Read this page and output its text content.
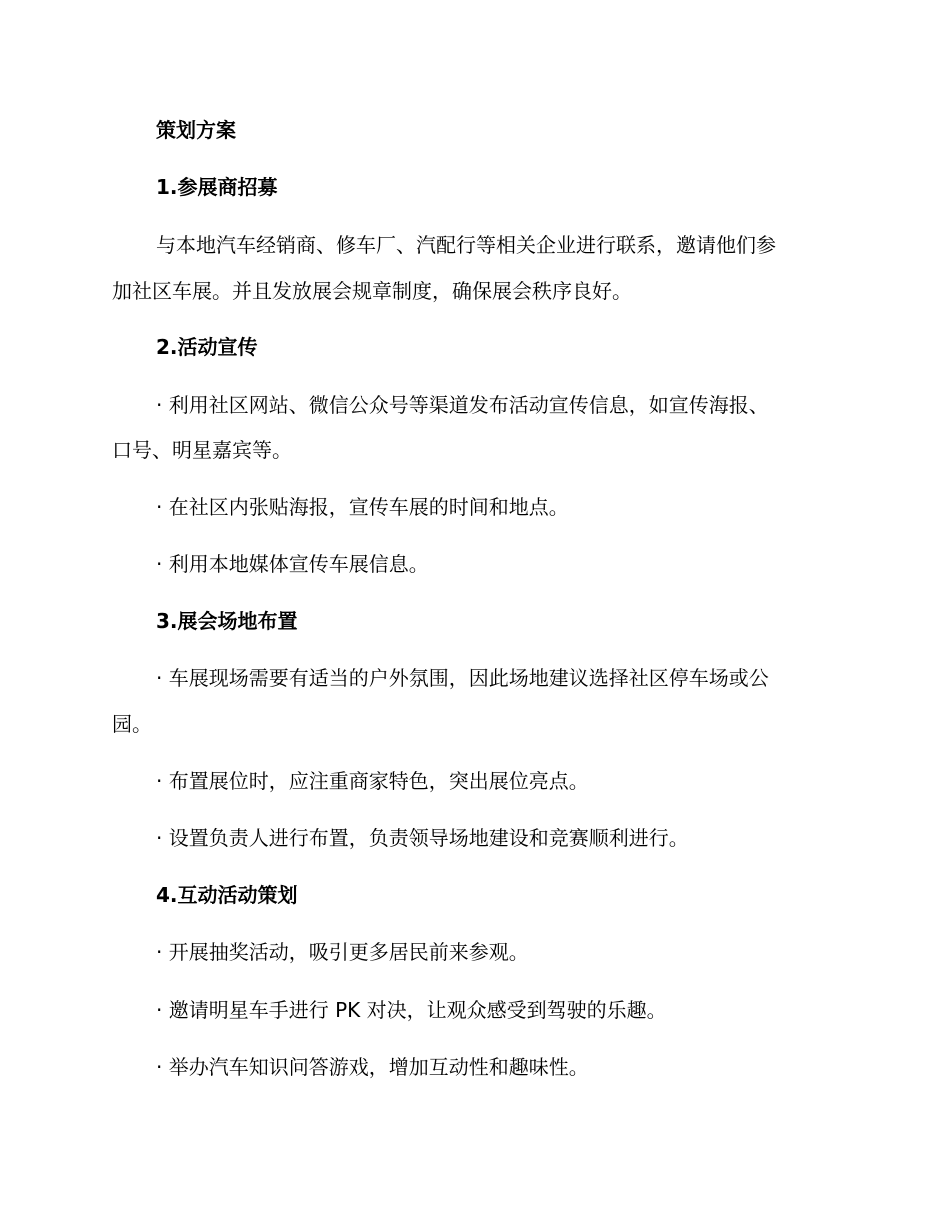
策划方案
1.参展商招募
与本地汽车经销商、修车厂、汽配行等相关企业进行联系，邀请他们参
加社区车展。并且发放展会规章制度，确保展会秩序良好。
2.活动宣传
· 利用社区网站、微信公众号等渠道发布活动宣传信息，如宣传海报、
口号、明星嘉宾等。
· 在社区内张贴海报，宣传车展的时间和地点。
· 利用本地媒体宣传车展信息。
3.展会场地布置
· 车展现场需要有适当的户外氛围，因此场地建议选择社区停车场或公
园。
· 布置展位时，应注重商家特色，突出展位亮点。
· 设置负责人进行布置，负责领导场地建设和竞赛顺利进行。
4.互动活动策划
· 开展抽奖活动，吸引更多居民前来参观。
· 邀请明星车手进行 PK 对决，让观众感受到驾驶的乐趣。
· 举办汽车知识问答游戏，增加互动性和趣味性。
